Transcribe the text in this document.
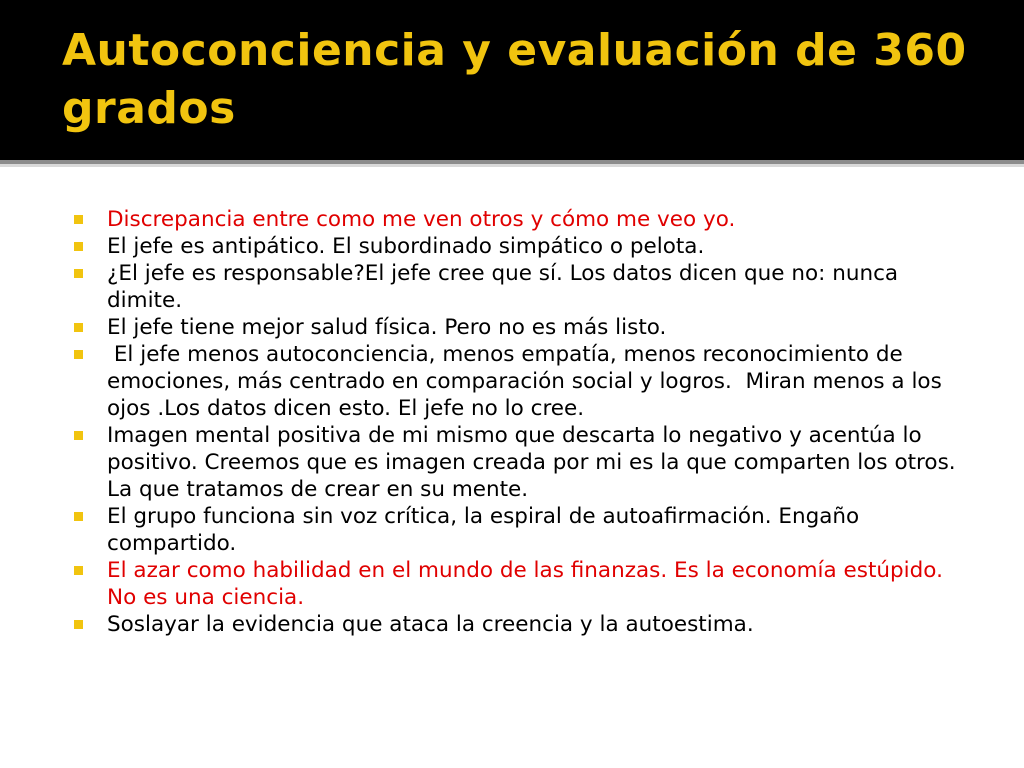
Autoconciencia y evaluación de 360 grados
Discrepancia entre como me ven otros y cómo me veo yo.
El jefe es antipático. El subordinado simpático o pelota.
¿El jefe es responsable?El jefe cree que sí. Los datos dicen que no: nunca dimite.
El jefe tiene mejor salud física. Pero no es más listo.
El jefe menos autoconciencia, menos empatía, menos reconocimiento de emociones, más centrado en comparación social y logros.  Miran menos a los ojos .Los datos dicen esto. El jefe no lo cree.
Imagen mental positiva de mi mismo que descarta lo negativo y acentúa lo positivo. Creemos que es imagen creada por mi es la que comparten los otros. La que tratamos de crear en su mente.
El grupo funciona sin voz crítica, la espiral de autoafirmación. Engaño compartido.
El azar como habilidad en el mundo de las finanzas. Es la economía estúpido. No es una ciencia.
Soslayar la evidencia que ataca la creencia y la autoestima.
